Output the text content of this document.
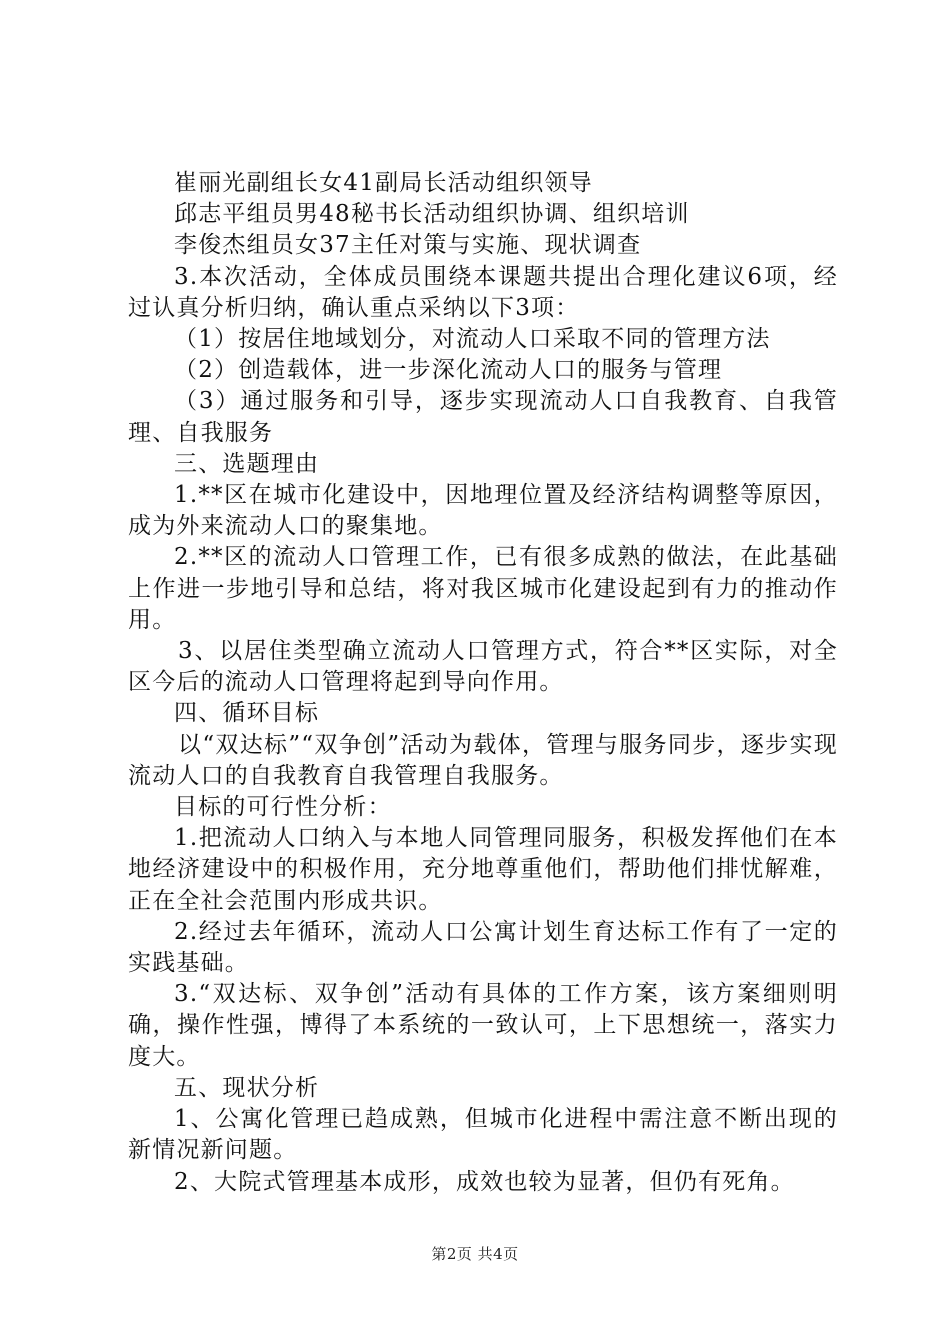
崔丽光副组长女41副局长活动组织领导

邱志平组员男48秘书长活动组织协调、组织培训

李俊杰组员女37主任对策与实施、现状调查

3.本次活动，全体成员围绕本课题共提出合理化建议6项，经过认真分析归纳，确认重点采纳以下3项：

（1）按居住地域划分，对流动人口采取不同的管理方法

（2）创造载体，进一步深化流动人口的服务与管理

（3）通过服务和引导，逐步实现流动人口自我教育、自我管理、自我服务

三、选题理由

1.**区在城市化建设中，因地理位置及经济结构调整等原因，成为外来流动人口的聚集地。

2.**区的流动人口管理工作，已有很多成熟的做法，在此基础上作进一步地引导和总结，将对我区城市化建设起到有力的推动作用。

3、以居住类型确立流动人口管理方式，符合**区实际，对全区今后的流动人口管理将起到导向作用。

四、循环目标

以“双达标”“双争创”活动为载体，管理与服务同步，逐步实现流动人口的自我教育自我管理自我服务。

目标的可行性分析：

1.把流动人口纳入与本地人同管理同服务，积极发挥他们在本地经济建设中的积极作用，充分地尊重他们，帮助他们排忧解难，正在全社会范围内形成共识。

2.经过去年循环，流动人口公寓计划生育达标工作有了一定的实践基础。

3.“双达标、双争创”活动有具体的工作方案，该方案细则明确，操作性强，博得了本系统的一致认可，上下思想统一，落实力度大。

五、现状分析

1、公寓化管理已趋成熟，但城市化进程中需注意不断出现的新情况新问题。

2、大院式管理基本成形，成效也较为显著，但仍有死角。

第2页 共4页
